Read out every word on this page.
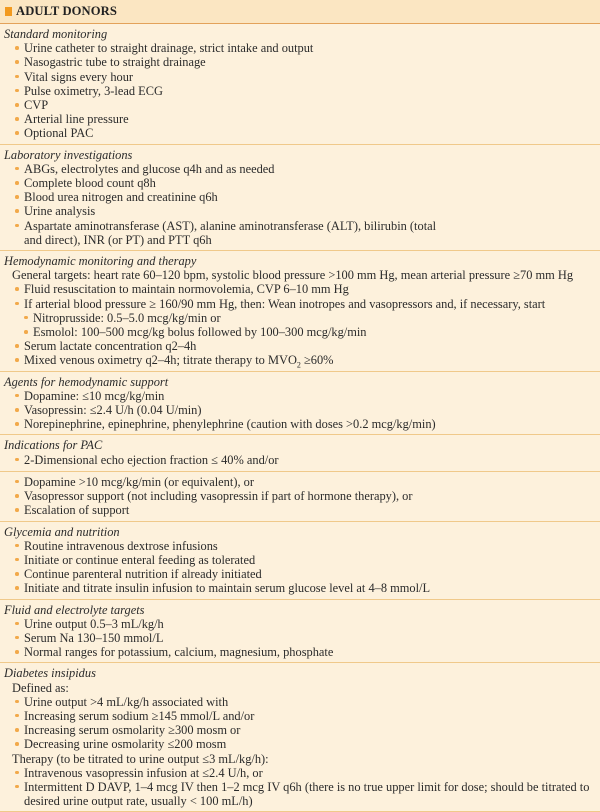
ADULT DONORS
Standard monitoring
Urine catheter to straight drainage, strict intake and output
Nasogastric tube to straight drainage
Vital signs every hour
Pulse oximetry, 3-lead ECG
CVP
Arterial line pressure
Optional PAC
Laboratory investigations
ABGs, electrolytes and glucose q4h and as needed
Complete blood count q8h
Blood urea nitrogen and creatinine q6h
Urine analysis
Aspartate aminotransferase (AST), alanine aminotransferase (ALT), bilirubin (total and direct), INR (or PT) and PTT q6h
Hemodynamic monitoring and therapy
General targets: heart rate 60–120 bpm, systolic blood pressure >100 mm Hg, mean arterial pressure ≥70 mm Hg
Fluid resuscitation to maintain normovolemia, CVP 6–10 mm Hg
If arterial blood pressure ≥ 160/90 mm Hg, then: Wean inotropes and vasopressors and, if necessary, start
Nitroprusside: 0.5–5.0 mcg/kg/min or
Esmolol: 100–500 mcg/kg bolus followed by 100–300 mcg/kg/min
Serum lactate concentration q2–4h
Mixed venous oximetry q2–4h; titrate therapy to $MVO_2 \ge 60\%$
Agents for hemodynamic support
Dopamine: ≤10 mcg/kg/min
Vasopressin: ≤2.4 U/h (0.04 U/min)
Norepinephrine, epinephrine, phenylephrine (caution with doses >0.2 mcg/kg/min)
Indications for PAC
2-Dimensional echo ejection fraction ≤ 40% and/or
Dopamine >10 mcg/kg/min (or equivalent), or
Vasopressor support (not including vasopressin if part of hormone therapy), or
Escalation of support
Glycemia and nutrition
Routine intravenous dextrose infusions
Initiate or continue enteral feeding as tolerated
Continue parenteral nutrition if already initiated
Initiate and titrate insulin infusion to maintain serum glucose level at 4–8 mmol/L
Fluid and electrolyte targets
Urine output 0.5–3 mL/kg/h
Serum Na 130–150 mmol/L
Normal ranges for potassium, calcium, magnesium, phosphate
Diabetes insipidus
Defined as:
Urine output >4 mL/kg/h associated with
Increasing serum sodium ≥145 mmol/L and/or
Increasing serum osmolarity ≥300 mosm or
Decreasing urine osmolarity ≤200 mosm
Therapy (to be titrated to urine output ≤3 mL/kg/h):
Intravenous vasopressin infusion at ≤2.4 U/h, or
Intermittent D DAVP, 1–4 mcg IV then 1–2 mcg IV q6h (there is no true upper limit for dose; should be titrated to desired urine output rate, usually < 100 mL/h)
